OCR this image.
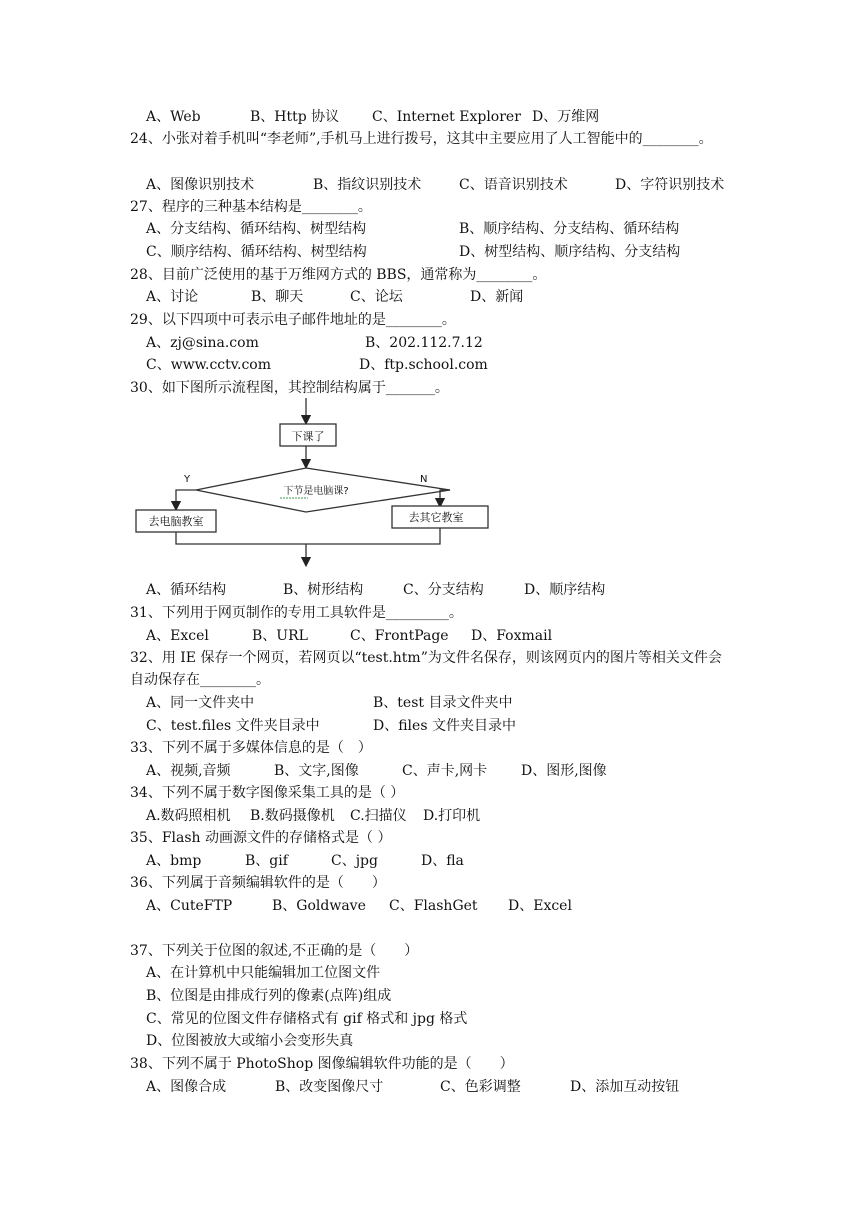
A、Web	B、Http 协议 C、Internet Explorer D、万维网
24、小张对着手机叫“李老师”,手机马上进行拨号，这其中主要应用了人工智能中的________。
A、图像识别技术	B、指纹识别技术	C、语音识别技术	D、字符识别技术
27、程序的三种基本结构是________。
A、分支结构、循环结构、树型结构	B、顺序结构、分支结构、循环结构
C、顺序结构、循环结构、树型结构	D、树型结构、顺序结构、分支结构
28、目前广泛使用的基于万维网方式的 BBS，通常称为________。
A、讨论	B、聊天	C、论坛	D、新闻
29、以下四项中可表示电子邮件地址的是________。
A、zj@sina.com	B、202.112.7.12
C、www.cctv.com	D、ftp.school.com
30、如下图所示流程图，其控制结构属于_______。
下课了
下节是电脑课?
Y	N
去电脑教室	去其它教室
A、循环结构	B、树形结构	C、分支结构	D、顺序结构
31、下列用于网页制作的专用工具软件是_________。
A、Excel	B、URL	C、FrontPage D、Foxmail
32、用 IE 保存一个网页，若网页以“test.htm”为文件名保存，则该网页内的图片等相关文件会自动保存在________。
A、同一文件夹中	B、test 目录文件夹中
C、test.files 文件夹目录中	D、files 文件夹目录中
33、下列不属于多媒体信息的是（　）
A、视频,音频	B、文字,图像	C、声卡,网卡 D、图形,图像
34、下列不属于数字图像采集工具的是（ ）
A.数码照相机 B.数码摄像机 C.扫描仪 D.打印机
35、Flash 动画源文件的存储格式是（ ）
A、bmp	B、gif	C、jpg	D、fla
36、下列属于音频编辑软件的是（　　）
A、CuteFTP	B、Goldwave C、FlashGet D、Excel
37、下列关于位图的叙述,不正确的是（　　）
A、在计算机中只能编辑加工位图文件
B、位图是由排成行列的像素(点阵)组成
C、常见的位图文件存储格式有 gif 格式和 jpg 格式
D、位图被放大或缩小会变形失真
38、下列不属于 PhotoShop 图像编辑软件功能的是（　　）
A、图像合成	B、改变图像尺寸	C、色彩调整	D、添加互动按钮
